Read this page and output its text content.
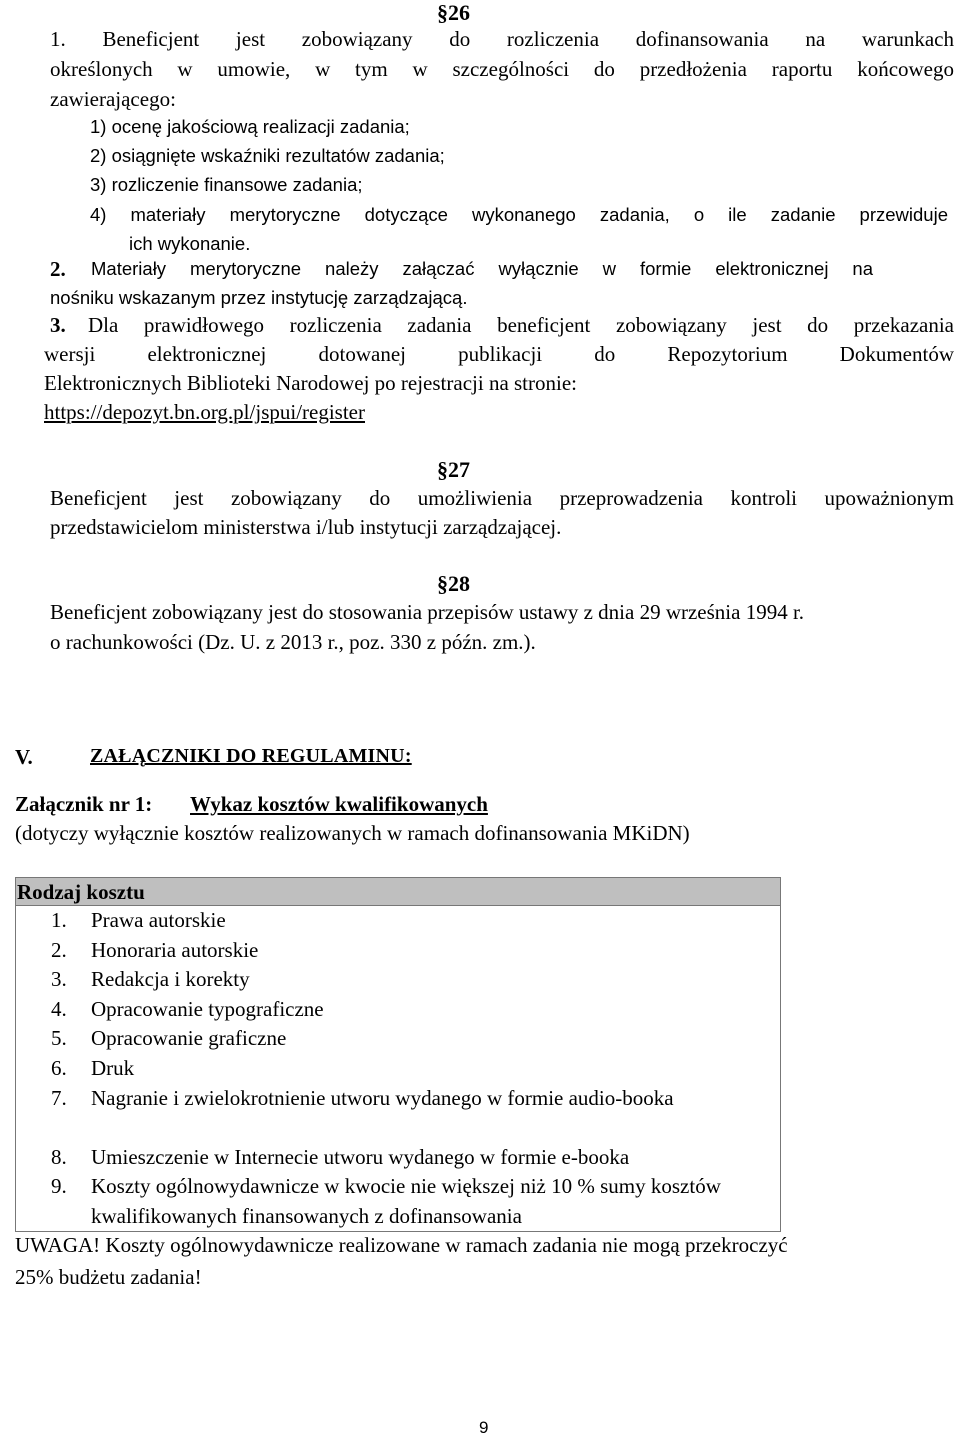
§26
1. Beneficjent jest zobowiązany do rozliczenia dofinansowania na warunkach
określonych w umowie, w tym w szczególności do przedłożenia raportu końcowego
zawierającego:
1) ocenę jakościową realizacji zadania;
2) osiągnięte wskaźniki rezultatów zadania;
3) rozliczenie finansowe zadania;
4) materiały merytoryczne dotyczące wykonanego zadania, o ile zadanie przewiduje
ich wykonanie.
2. Materiały merytoryczne należy załączać wyłącznie w formie elektronicznej na
nośniku wskazanym przez instytucję zarządzającą.
3. Dla prawidłowego rozliczenia zadania beneficjent zobowiązany jest do przekazania
wersji elektronicznej dotowanej publikacji do Repozytorium Dokumentów
Elektronicznych Biblioteki Narodowej po rejestracji na stronie:
https://depozyt.bn.org.pl/jspui/register
§27
Beneficjent jest zobowiązany do umożliwienia przeprowadzenia kontroli upoważnionym
przedstawicielom ministerstwa i/lub instytucji zarządzającej.
§28
Beneficjent zobowiązany jest do stosowania przepisów ustawy z dnia 29 września 1994 r.
o rachunkowości (Dz. U. z 2013 r., poz. 330 z późn. zm.).
V.	ZAŁĄCZNIKI DO REGULAMINU:
Załącznik nr 1: Wykaz kosztów kwalifikowanych
(dotyczy wyłącznie kosztów realizowanych w ramach dofinansowania MKiDN)
Rodzaj kosztu
1.	Prawa autorskie
2.	Honoraria autorskie
3.	Redakcja i korekty
4.	Opracowanie typograficzne
5.	Opracowanie graficzne
6.	Druk
7.	Nagranie i zwielokrotnienie utworu wydanego w formie audio-booka
8.	Umieszczenie w Internecie utworu wydanego w formie e-booka
9.	Koszty ogólnowydawnicze w kwocie nie większej niż 10 % sumy kosztów kwalifikowanych finansowanych z dofinansowania
UWAGA! Koszty ogólnowydawnicze realizowane w ramach zadania nie mogą przekroczyć
25% budżetu zadania!
9
